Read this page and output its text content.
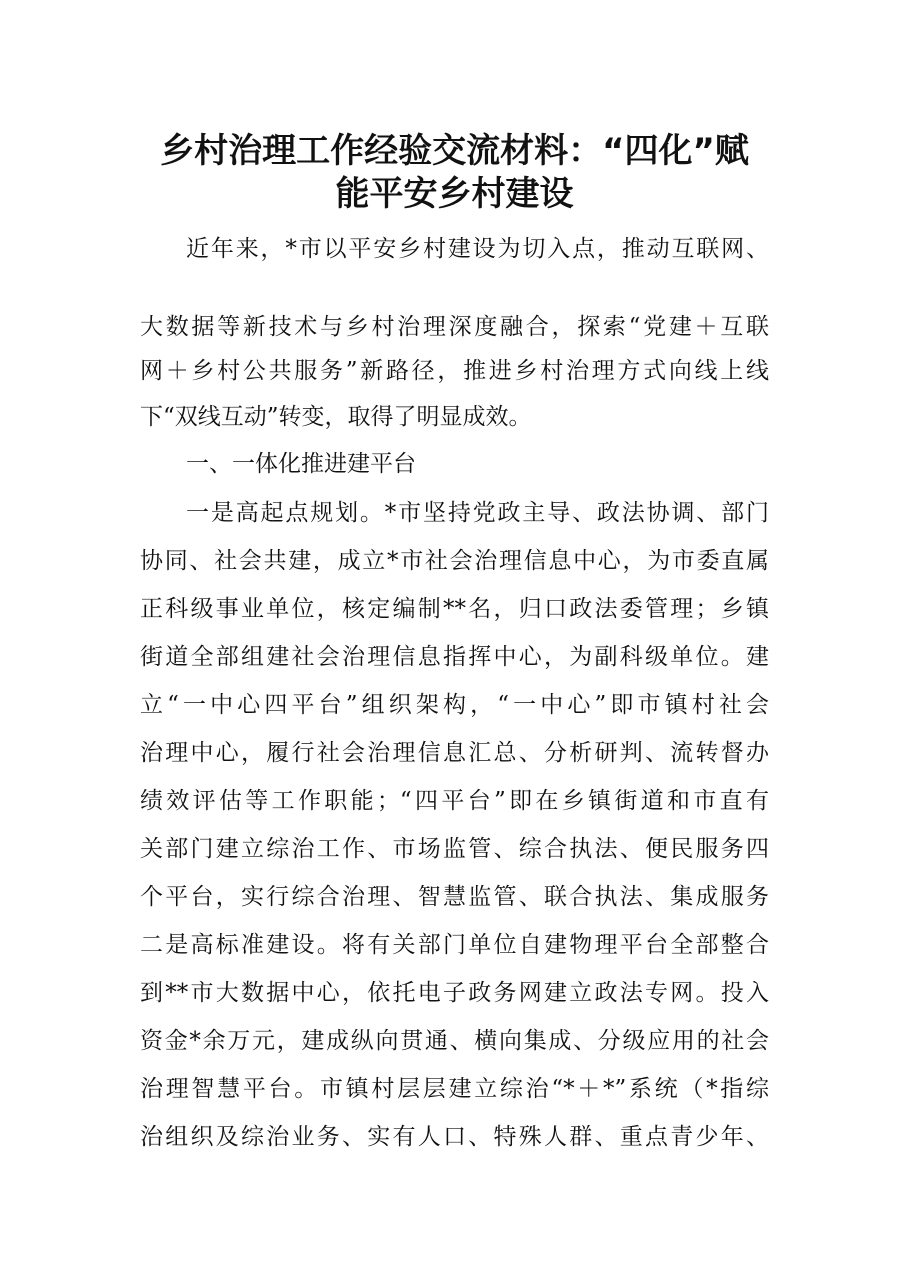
乡村治理工作经验交流材料：“四化”赋
能平安乡村建设
近年来，*市以平安乡村建设为切入点，推动互联网、
大数据等新技术与乡村治理深度融合，探索“党建＋互联
网＋乡村公共服务”新路径，推进乡村治理方式向线上线
下“双线互动”转变，取得了明显成效。
一、一体化推进建平台
一是高起点规划。*市坚持党政主导、政法协调、部门
协同、社会共建，成立*市社会治理信息中心，为市委直属
正科级事业单位，核定编制**名，归口政法委管理；乡镇
街道全部组建社会治理信息指挥中心，为副科级单位。建
立“一中心四平台”组织架构，“一中心”即市镇村社会
治理中心，履行社会治理信息汇总、分析研判、流转督办
绩效评估等工作职能；“四平台”即在乡镇街道和市直有
关部门建立综治工作、市场监管、综合执法、便民服务四
个平台，实行综合治理、智慧监管、联合执法、集成服务
二是高标准建设。将有关部门单位自建物理平台全部整合
到**市大数据中心，依托电子政务网建立政法专网。投入
资金*余万元，建成纵向贯通、横向集成、分级应用的社会
治理智慧平台。市镇村层层建立综治“*＋*”系统（*指综
治组织及综治业务、实有人口、特殊人群、重点青少年、
